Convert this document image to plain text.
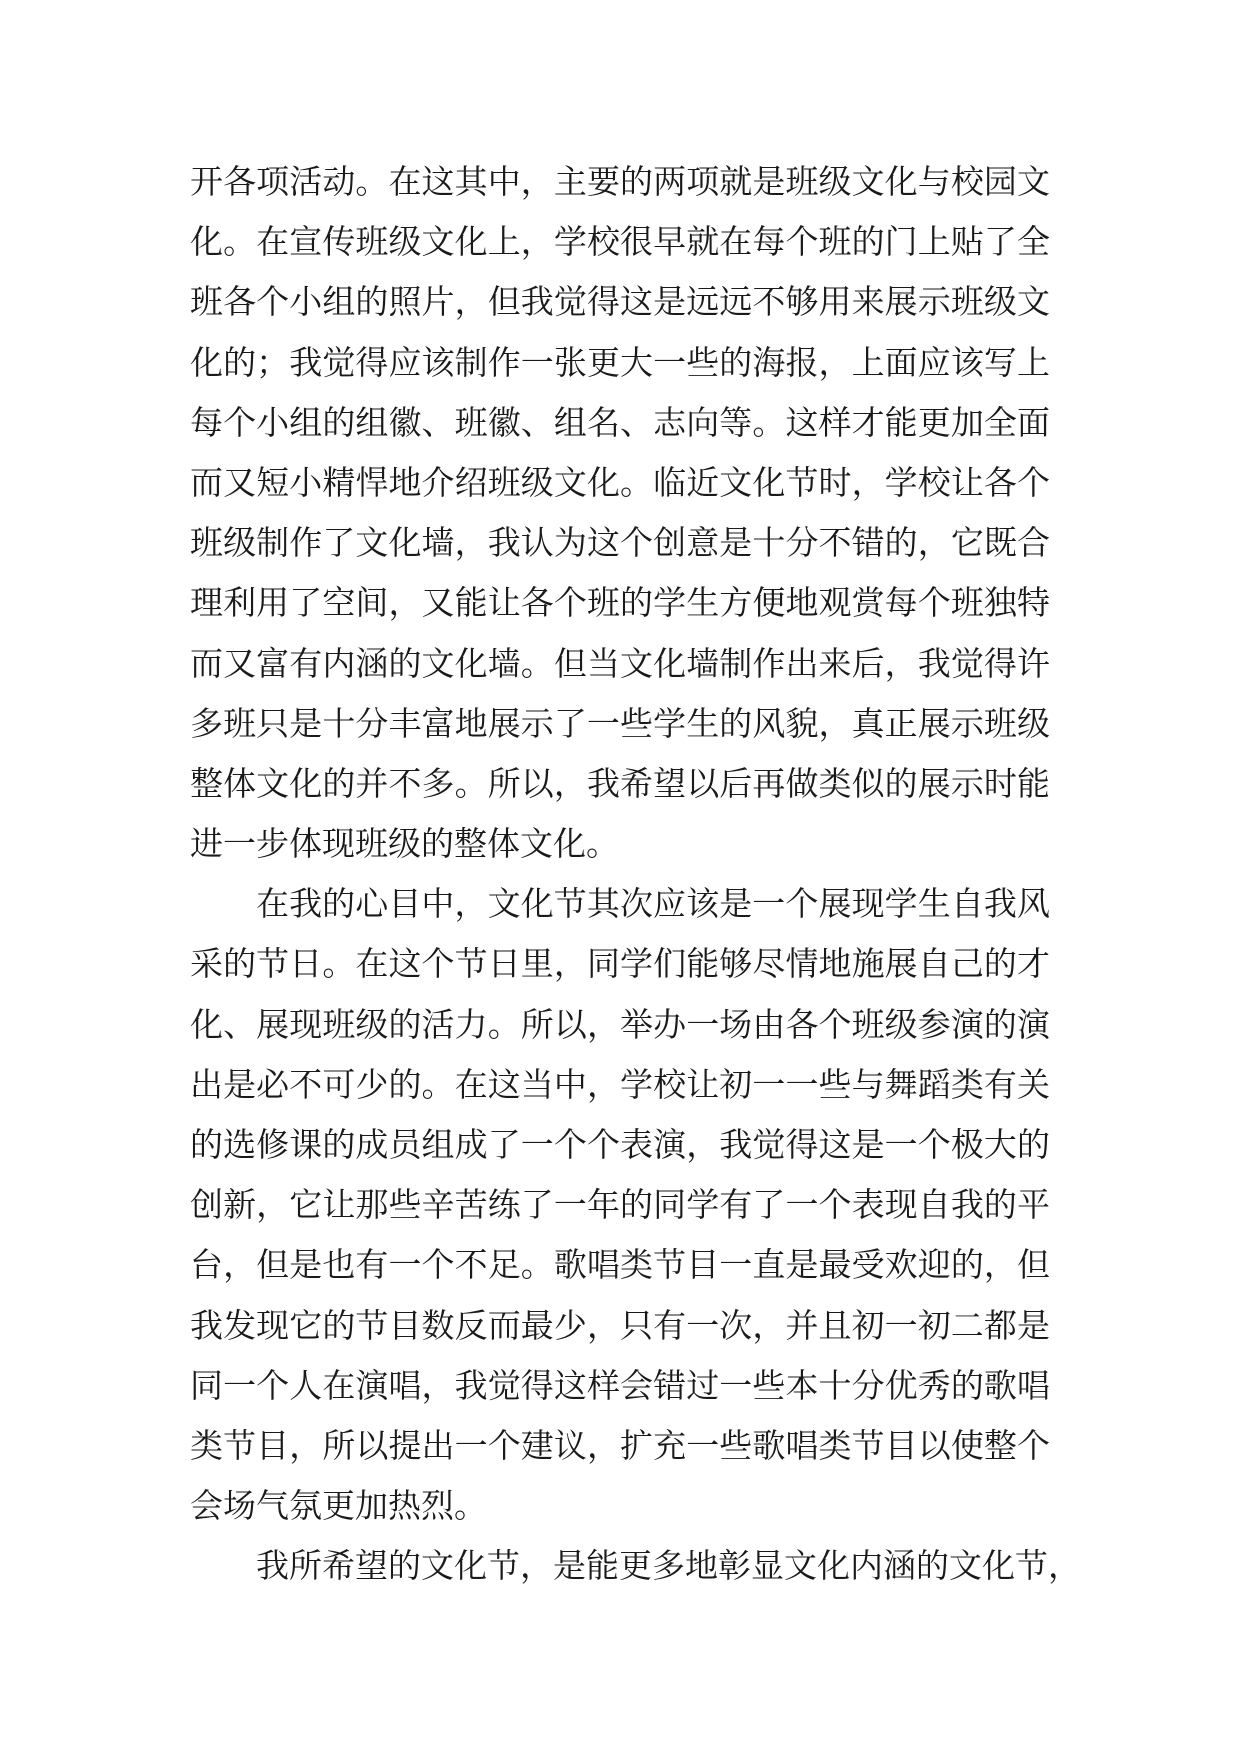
开各项活动。在这其中，主要的两项就是班级文化与校园文
化。在宣传班级文化上，学校很早就在每个班的门上贴了全
班各个小组的照片，但我觉得这是远远不够用来展示班级文
化的；我觉得应该制作一张更大一些的海报，上面应该写上
每个小组的组徽、班徽、组名、志向等。这样才能更加全面
而又短小精悍地介绍班级文化。临近文化节时，学校让各个
班级制作了文化墙，我认为这个创意是十分不错的，它既合
理利用了空间，又能让各个班的学生方便地观赏每个班独特
而又富有内涵的文化墙。但当文化墙制作出来后，我觉得许
多班只是十分丰富地展示了一些学生的风貌，真正展示班级
整体文化的并不多。所以，我希望以后再做类似的展示时能
进一步体现班级的整体文化。
在我的心目中，文化节其次应该是一个展现学生自我风
采的节日。在这个节日里，同学们能够尽情地施展自己的才
化、展现班级的活力。所以，举办一场由各个班级参演的演
出是必不可少的。在这当中，学校让初一一些与舞蹈类有关
的选修课的成员组成了一个个表演，我觉得这是一个极大的
创新，它让那些辛苦练了一年的同学有了一个表现自我的平
台，但是也有一个不足。歌唱类节目一直是最受欢迎的，但
我发现它的节目数反而最少，只有一次，并且初一初二都是
同一个人在演唱，我觉得这样会错过一些本十分优秀的歌唱
类节目，所以提出一个建议，扩充一些歌唱类节目以使整个
会场气氛更加热烈。
我所希望的文化节，是能更多地彰显文化内涵的文化节，
